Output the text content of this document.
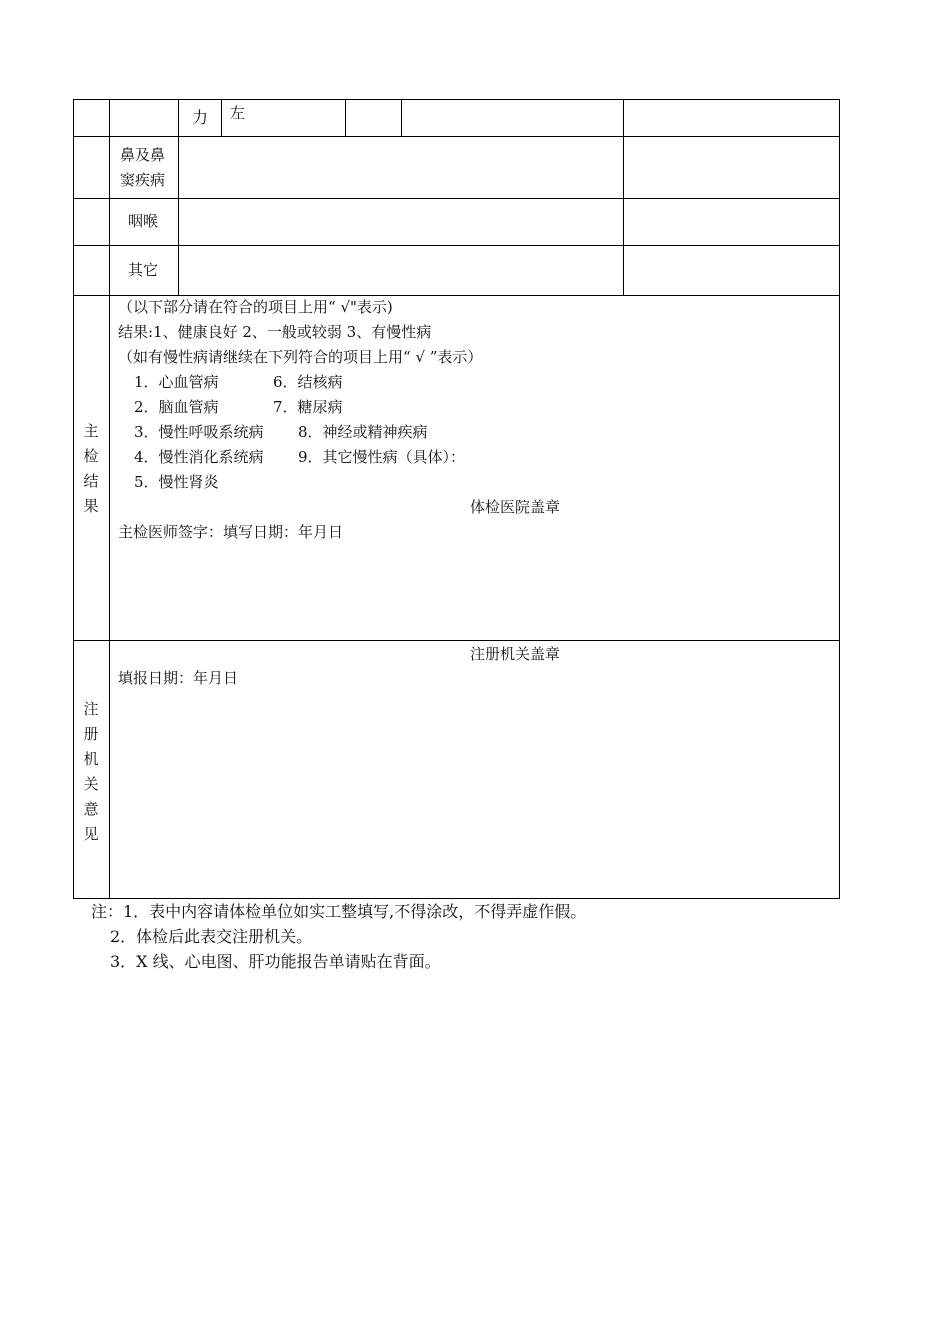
力 左
鼻及鼻
窦疾病
咽喉
其它
主检结果
（以下部分请在符合的项目上用“ √"表示)
结果:1、健康良好 2、一般或较弱 3、有慢性病
（如有慢性病请继续在下列符合的项目上用“ √ ”表示）
1．心血管病	6．结核病
2．脑血管病	7．糖尿病
3．慢性呼吸系统病 8．神经或精神疾病
4．慢性消化系统病 9．其它慢性病（具体）：
5．慢性肾炎
体检医院盖章
主检医师签字：填写日期：年月日
注册机关意见
注册机关盖章
填报日期：年月日
注：1．表中内容请体检单位如实工整填写,不得涂改，不得弄虚作假。
2．体检后此表交注册机关。
3．X 线、心电图、肝功能报告单请贴在背面。
